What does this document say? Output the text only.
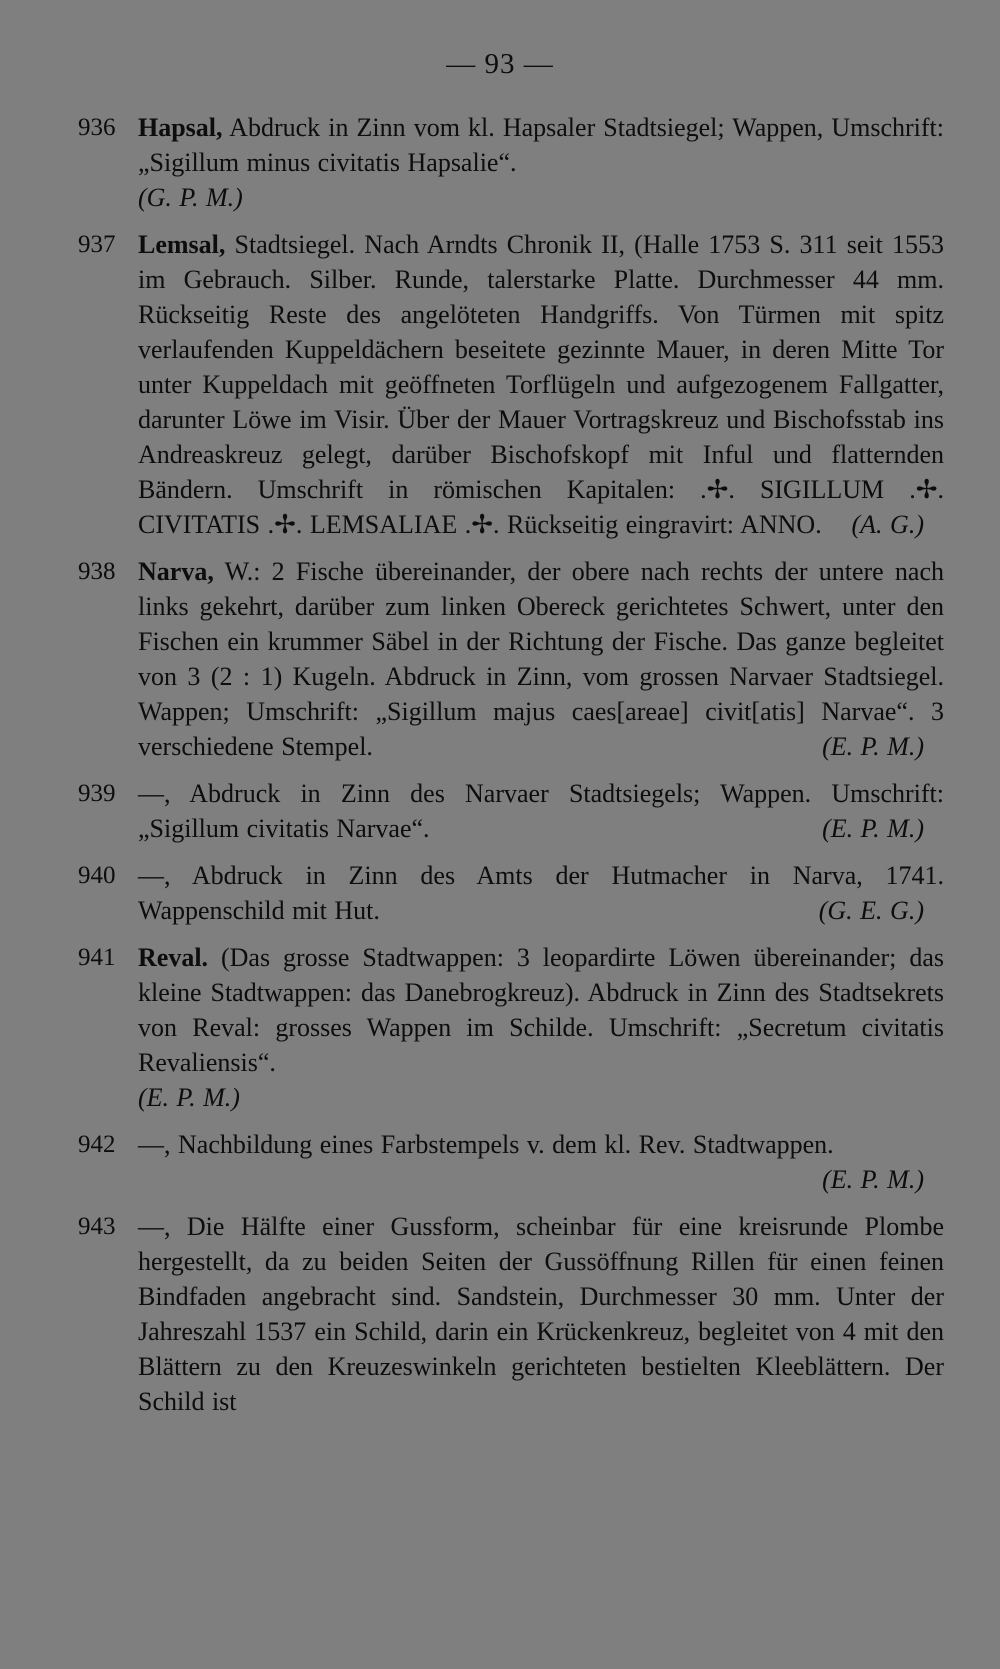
— 93 —
936 Hapsal, Abdruck in Zinn vom kl. Hapsaler Stadtsiegel; Wappen, Umschrift: „Sigillum minus civitatis Hapsalie“.
(G. P. M.)
937 Lemsal, Stadtsiegel. Nach Arndts Chronik II, (Halle 1753 S. 311 seit 1553 im Gebrauch. Silber. Runde, talerstarke Platte. Durchmesser 44 mm. Rückseitig Reste des angelöteten Handgriffs. Von Türmen mit spitz verlaufenden Kuppeldächern beseitete gezinnte Mauer, in deren Mitte Tor unter Kuppeldach mit geöffneten Torflügeln und aufgezogenem Fallgatter, darunter Löwe im Visir. Über der Mauer Vortragskreuz und Bischofsstab ins Andreaskreuz gelegt, darüber Bischofskopf mit Inful und flatternden Bändern. Umschrift in römischen Kapitalen: .✢. SIGILLUM .✢. CIVITATIS .✢. LEMSALIAE .✢. Rückseitig eingravirt: ANNO. (A. G.)
938 Narva, W.: 2 Fische übereinander, der obere nach rechts der untere nach links gekehrt, darüber zum linken Obereck gerichtetes Schwert, unter den Fischen ein krummer Säbel in der Richtung der Fische. Das ganze begleitet von 3 (2 : 1) Kugeln. Abdruck in Zinn, vom grossen Narvaer Stadtsiegel. Wappen; Umschrift: „Sigillum majus caes[areae] civit[atis] Narvae“. 3 verschiedene Stempel.	(E. P. M.)
939 —, Abdruck in Zinn des Narvaer Stadtsiegels; Wappen. Umschrift: „Sigillum civitatis Narvae“.	(E. P. M.)
940 —, Abdruck in Zinn des Amts der Hutmacher in Narva, 1741. Wappenschild mit Hut.	(G. E. G.)
941 Reval. (Das grosse Stadtwappen: 3 leopardirte Löwen übereinander; das kleine Stadtwappen: das Danebrogkreuz). Abdruck in Zinn des Stadtsekrets von Reval: grosses Wappen im Schilde. Umschrift: „Secretum civitatis Revaliensis“.
(E. P. M.)
942 —, Nachbildung eines Farbstempels v. dem kl. Rev. Stadtwappen.
(E. P. M.)
943 —, Die Hälfte einer Gussform, scheinbar für eine kreisrunde Plombe hergestellt, da zu beiden Seiten der Gussöffnung Rillen für einen feinen Bindfaden angebracht sind. Sandstein, Durchmesser 30 mm. Unter der Jahreszahl 1537 ein Schild, darin ein Krückenkreuz, begleitet von 4 mit den Blättern zu den Kreuzeswinkeln gerichteten bestielten Kleeblättern. Der Schild ist
